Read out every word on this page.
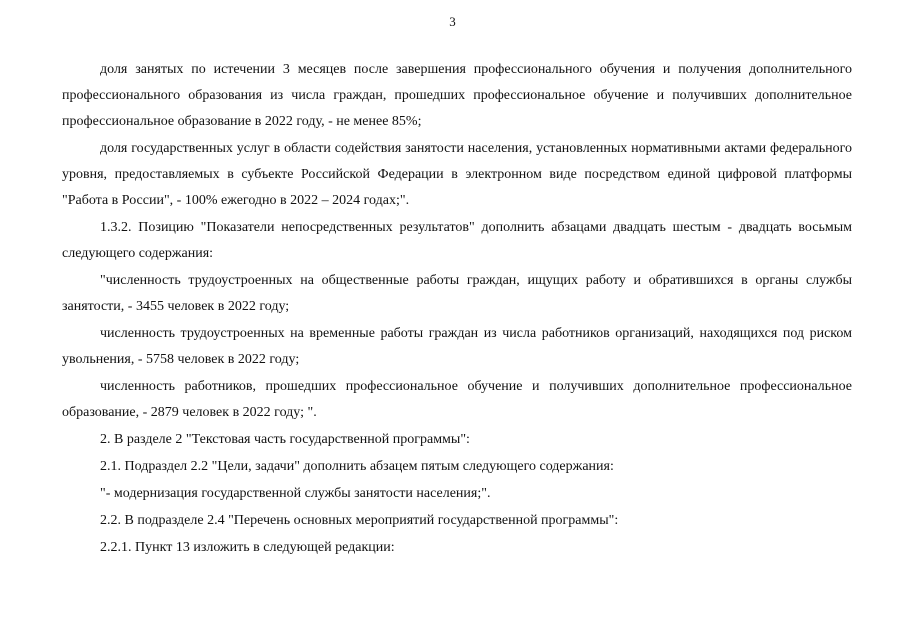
3

доля занятых по истечении 3 месяцев после завершения профессионального обучения и получения дополнительного профессионального образования из числа граждан, прошедших профессиональное обучение и получивших дополнительное профессиональное образование в 2022 году, - не менее 85%;

доля государственных услуг в области содействия занятости населения, установленных нормативными актами федерального уровня, предоставляемых в субъекте Российской Федерации в электронном виде посредством единой цифровой платформы "Работа в России", - 100% ежегодно в 2022 – 2024 годах;".

1.3.2. Позицию "Показатели непосредственных результатов" дополнить абзацами двадцать шестым - двадцать восьмым следующего содержания:

"численность трудоустроенных на общественные работы граждан, ищущих работу и обратившихся в органы службы занятости, - 3455 человек в 2022 году;

численность трудоустроенных на временные работы граждан из числа работников организаций, находящихся под риском увольнения, - 5758 человек в 2022 году;

численность работников, прошедших профессиональное обучение и получивших дополнительное профессиональное образование, - 2879 человек в 2022 году; ".

2. В разделе 2 "Текстовая часть государственной программы":

2.1. Подраздел 2.2 "Цели, задачи" дополнить абзацем пятым следующего содержания:

"- модернизация государственной службы занятости населения;".

2.2. В подразделе 2.4 "Перечень основных мероприятий государственной программы":

2.2.1. Пункт 13 изложить в следующей редакции:
